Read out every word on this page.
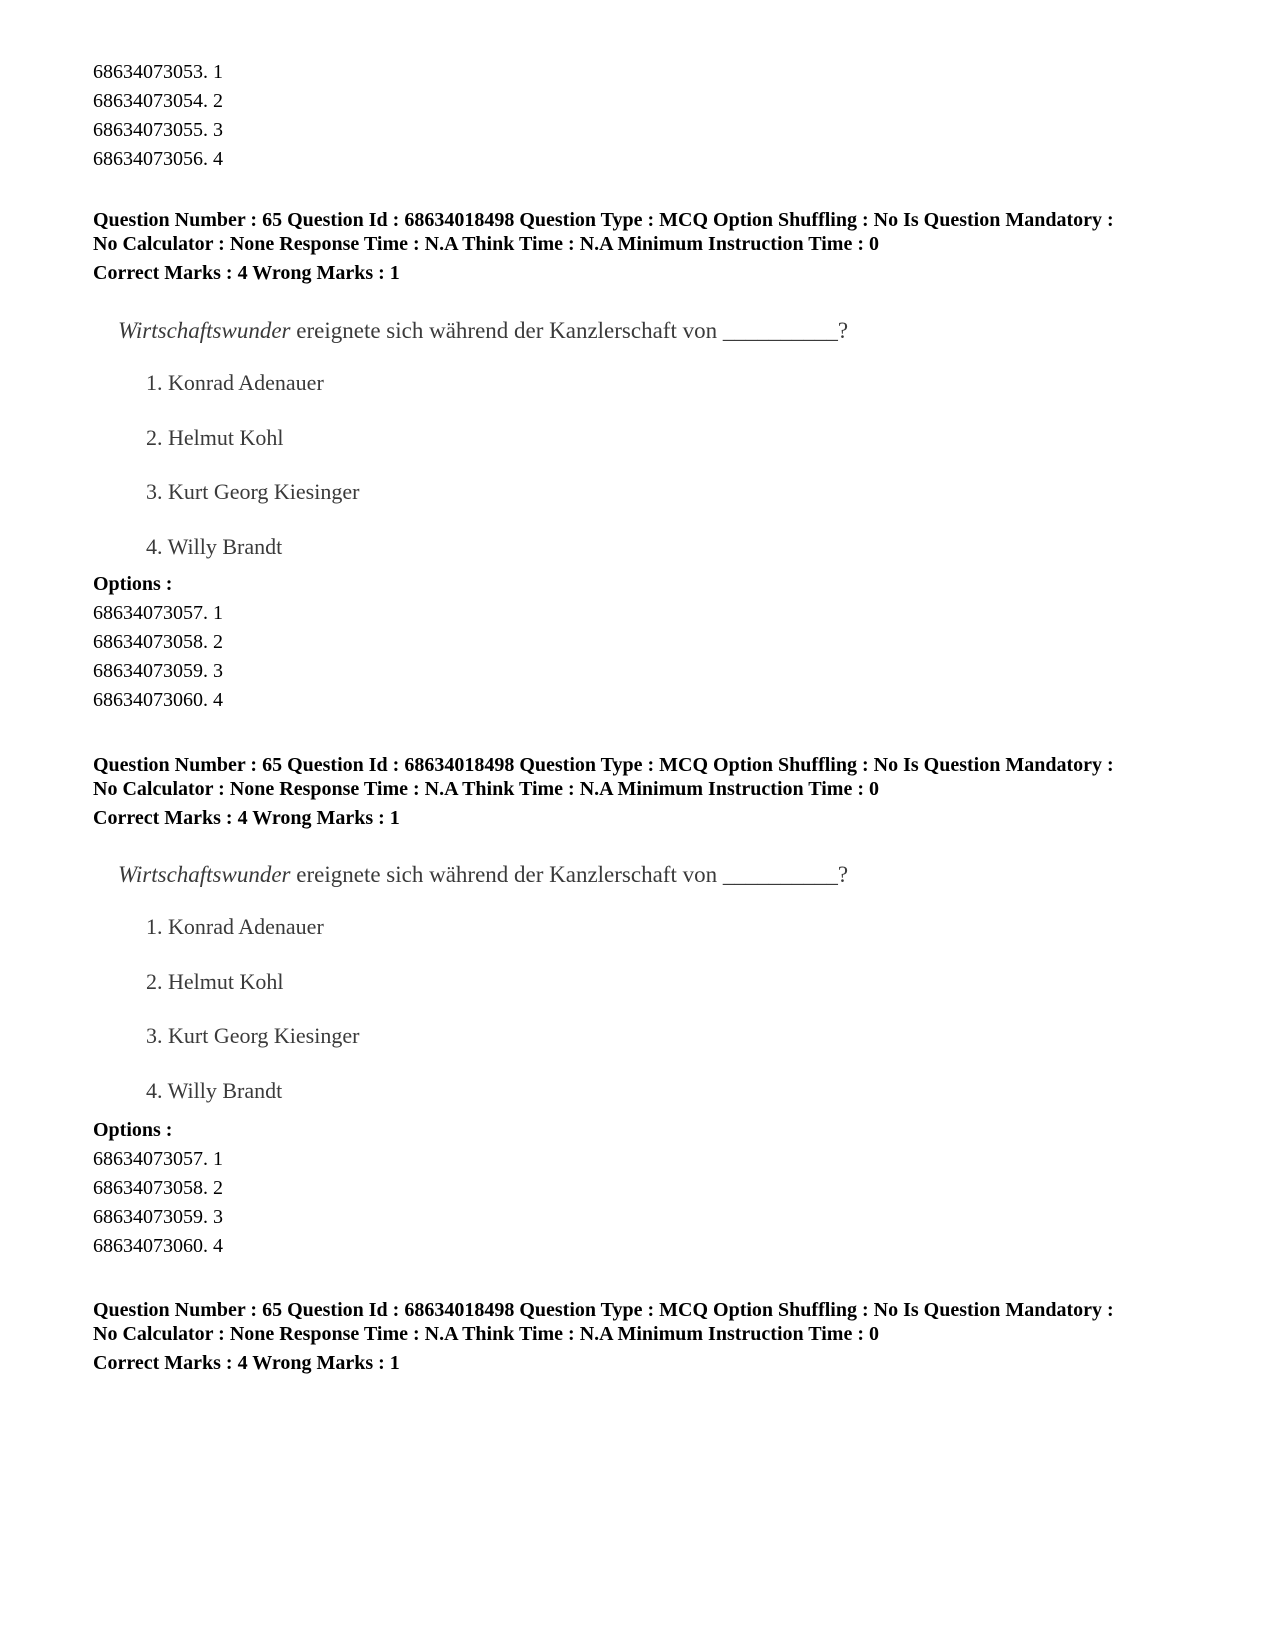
68634073053. 1
68634073054. 2
68634073055. 3
68634073056. 4
Question Number : 65 Question Id : 68634018498 Question Type : MCQ Option Shuffling : No Is Question Mandatory :
No Calculator : None Response Time : N.A Think Time : N.A Minimum Instruction Time : 0
Correct Marks : 4 Wrong Marks : 1
Wirtschaftswunder ereignete sich während der Kanzlerschaft von __________?
1. Konrad Adenauer
2. Helmut Kohl
3. Kurt Georg Kiesinger
4. Willy Brandt
Options :
68634073057. 1
68634073058. 2
68634073059. 3
68634073060. 4
Question Number : 65 Question Id : 68634018498 Question Type : MCQ Option Shuffling : No Is Question Mandatory :
No Calculator : None Response Time : N.A Think Time : N.A Minimum Instruction Time : 0
Correct Marks : 4 Wrong Marks : 1
Wirtschaftswunder ereignete sich während der Kanzlerschaft von __________?
1. Konrad Adenauer
2. Helmut Kohl
3. Kurt Georg Kiesinger
4. Willy Brandt
Options :
68634073057. 1
68634073058. 2
68634073059. 3
68634073060. 4
Question Number : 65 Question Id : 68634018498 Question Type : MCQ Option Shuffling : No Is Question Mandatory :
No Calculator : None Response Time : N.A Think Time : N.A Minimum Instruction Time : 0
Correct Marks : 4 Wrong Marks : 1
